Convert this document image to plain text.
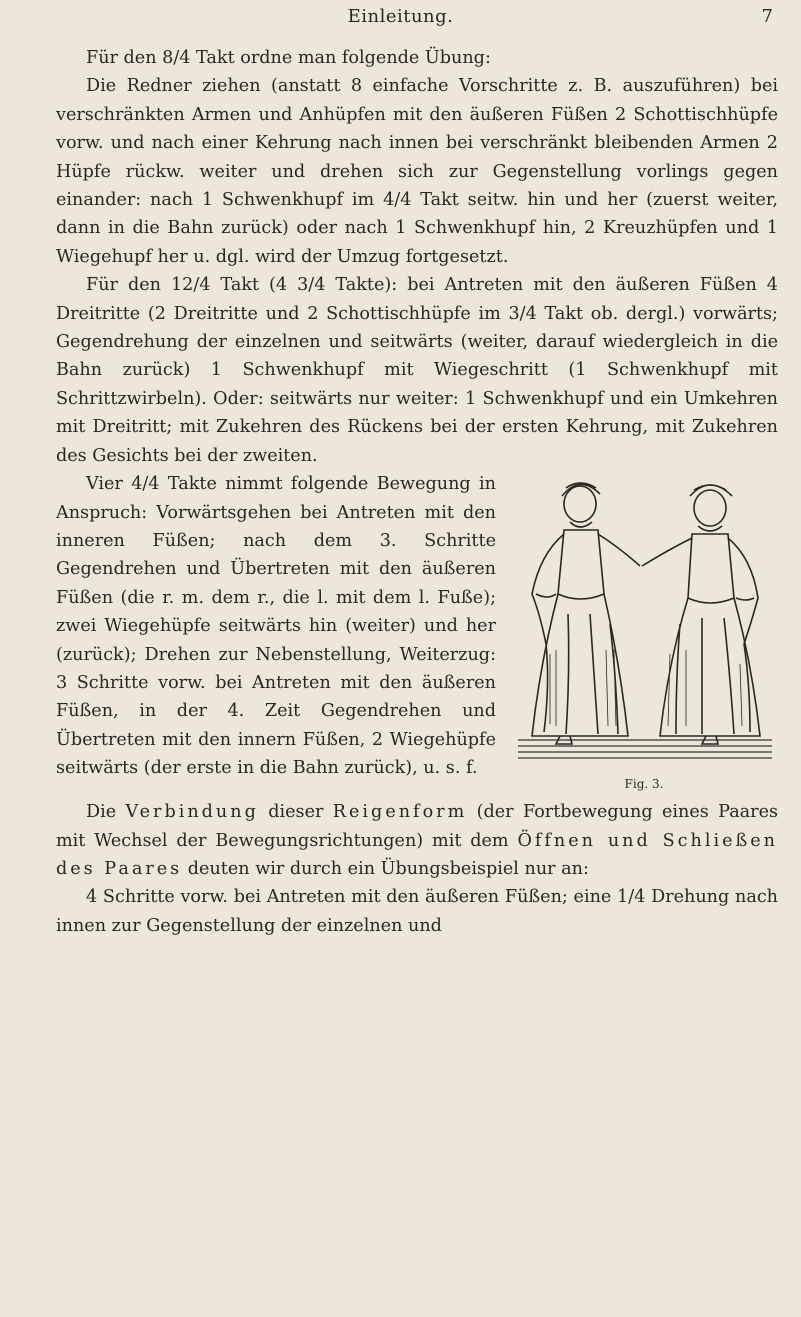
Einleitung.	7

Für den 8/4 Takt ordne man folgende Übung:

Die Redner ziehen (anstatt 8 einfache Vorschritte z. B. auszuführen) bei verschränkten Armen und Anhüpfen mit den äußeren Füßen 2 Schottischhüpfe vorw. und nach einer Kehrung nach innen bei verschränkt bleibenden Armen 2 Hüpfe rückw. weiter und drehen sich zur Gegenstellung vorlings gegen einander: nach 1 Schwenkhupf im 4/4 Takt seitw. hin und her (zuerst weiter, dann in die Bahn zurück) oder nach 1 Schwenkhupf hin, 2 Kreuzhüpfen und 1 Wiegehupf her u. dgl. wird der Umzug fortgesetzt.

Für den 12/4 Takt (4 3/4 Takte): bei Antreten mit den äußeren Füßen 4 Dreitritte (2 Dreitritte und 2 Schottischhüpfe im 3/4 Takt ob. dergl.) vorwärts; Gegendrehung der einzelnen und seitwärts (weiter, darauf wiedergleich in die Bahn zurück) 1 Schwenkhupf mit Wiegeschritt (1 Schwenkhupf mit Schrittzwirbeln). Oder: seitwärts nur weiter: 1 Schwenkhupf und ein Umkehren mit Dreitritt; mit Zukehren des Rückens bei der ersten Kehrung, mit Zukehren des Gesichts bei der zweiten.

Fig. 3.

Vier 4/4 Takte nimmt folgende Bewegung in Anspruch: Vorwärtsgehen bei Antreten mit den inneren Füßen; nach dem 3. Schritte Gegendrehen und Übertreten mit den äußeren Füßen (die r. m. dem r., die l. mit dem l. Fuße); zwei Wiegehüpfe seitwärts hin (weiter) und her (zurück); Drehen zur Nebenstellung, Weiterzug: 3 Schritte vorw. bei Antreten mit den äußeren Füßen, in der 4. Zeit Gegendrehen und Übertreten mit den innern Füßen, 2 Wiegehüpfe seitwärts (der erste in die Bahn zurück), u. s. f.

Die Verbindung dieser Reigenform (der Fortbewegung eines Paares mit Wechsel der Bewegungsrichtungen) mit dem Öffnen und Schließen des Paares deuten wir durch ein Übungsbeispiel nur an:

4 Schritte vorw. bei Antreten mit den äußeren Füßen; eine 1/4 Drehung nach innen zur Gegenstellung der einzelnen und
